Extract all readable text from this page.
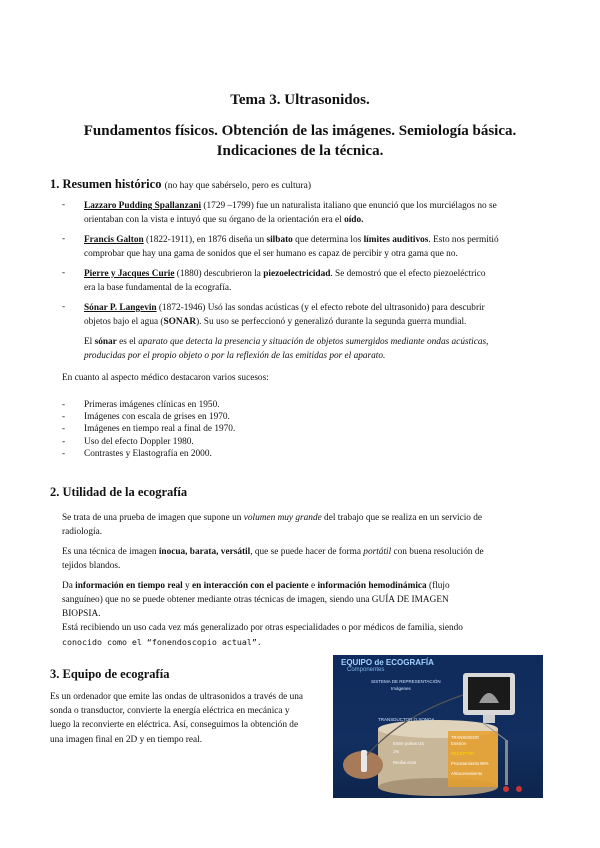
Tema 3. Ultrasonidos.
Fundamentos físicos. Obtención de las imágenes. Semiología básica.
Indicaciones de la técnica.
1. Resumen histórico (no hay que sabérselo, pero es cultura)
- Lazzaro Pudding Spallanzani (1729 –1799) fue un naturalista italiano que enunció que los murciélagos no se
orientaban con la vista e intuyó que su órgano de la orientación era el oído.
- Francis Galton (1822-1911), en 1876 diseña un silbato que determina los límites auditivos. Esto nos permitió
comprobar que hay una gama de sonidos que el ser humano es capaz de percibir y otra gama que no.
- Pierre y Jacques Curie (1880) descubrieron la piezoelectricidad. Se demostró que el efecto piezoeléctrico
era la base fundamental de la ecografía.
- Sónar P. Langevin (1872-1946) Usó las sondas acústicas (y el efecto rebote del ultrasonido) para descubrir
objetos bajo el agua (SONAR). Su uso se perfeccionó y generalizó durante la segunda guerra mundial.
El sónar es el aparato que detecta la presencia y situación de objetos sumergidos mediante ondas acústicas,
producidas por el propio objeto o por la reflexión de las emitidas por el aparato.
En cuanto al aspecto médico destacaron varios sucesos:
- Primeras imágenes clínicas en 1950.
- Imágenes con escala de grises en 1970.
- Imágenes en tiempo real a final de 1970.
- Uso del efecto Doppler 1980.
- Contrastes y Elastografía en 2000.
2. Utilidad de la ecografía
Se trata de una prueba de imagen que supone un volumen muy grande del trabajo que se realiza en un servicio de
radiología.
Es una técnica de imagen inocua, barata, versátil, que se puede hacer de forma portátil con buena resolución de
tejidos blandos.
Da información en tiempo real y en interacción con el paciente e información hemodinámica (flujo
sanguíneo) que no se puede obtener mediante otras técnicas de imagen, siendo una GUÍA DE IMAGEN
BIOPSIA.
Está recibiendo un uso cada vez más generalizado por otras especialidades o por médicos de familia, siendo
conocido como el “fonendoscopio actual”.
3. Equipo de ecografía
Es un ordenador que emite las ondas de ultrasonidos a través de una
sonda o transductor, convierte la energía eléctrica en mecánica y
luego la reconvierte en eléctrica. Así, conseguimos la obtención de
una imagen final en 2D y en tiempo real.
EQUIPO de ECOGRAFÍA
Componentes
SISTEMA DE REPRESENTACIÓN
Imágenes
TRANSDUCTOR O SONDA
Emite pulsos US
1%
Recibe ecos
TRANSMISOR
Emisión
RECEPTOR
Procesamiento 99%
Almacenamiento
